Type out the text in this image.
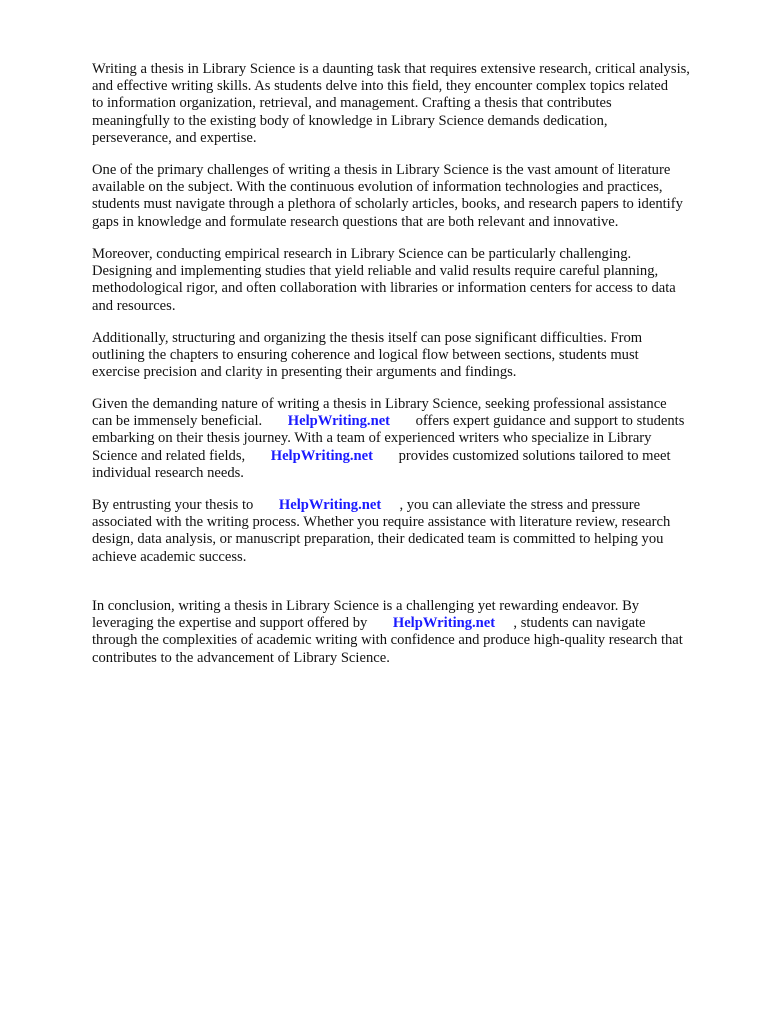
Writing a thesis in Library Science is a daunting task that requires extensive research, critical analysis,
and effective writing skills. As students delve into this field, they encounter complex topics related
to information organization, retrieval, and management. Crafting a thesis that contributes
meaningfully to the existing body of knowledge in Library Science demands dedication,
perseverance, and expertise.

One of the primary challenges of writing a thesis in Library Science is the vast amount of literature
available on the subject. With the continuous evolution of information technologies and practices,
students must navigate through a plethora of scholarly articles, books, and research papers to identify
gaps in knowledge and formulate research questions that are both relevant and innovative.

Moreover, conducting empirical research in Library Science can be particularly challenging.
Designing and implementing studies that yield reliable and valid results require careful planning,
methodological rigor, and often collaboration with libraries or information centers for access to data
and resources.

Additionally, structuring and organizing the thesis itself can pose significant difficulties. From
outlining the chapters to ensuring coherence and logical flow between sections, students must
exercise precision and clarity in presenting their arguments and findings.

Given the demanding nature of writing a thesis in Library Science, seeking professional assistance
can be immensely beneficial. HelpWriting.net offers expert guidance and support to students
embarking on their thesis journey. With a team of experienced writers who specialize in Library
Science and related fields, HelpWriting.net provides customized solutions tailored to meet
individual research needs.

By entrusting your thesis to HelpWriting.net , you can alleviate the stress and pressure
associated with the writing process. Whether you require assistance with literature review, research
design, data analysis, or manuscript preparation, their dedicated team is committed to helping you
achieve academic success.

In conclusion, writing a thesis in Library Science is a challenging yet rewarding endeavor. By
leveraging the expertise and support offered by HelpWriting.net , students can navigate
through the complexities of academic writing with confidence and produce high-quality research that
contributes to the advancement of Library Science.
